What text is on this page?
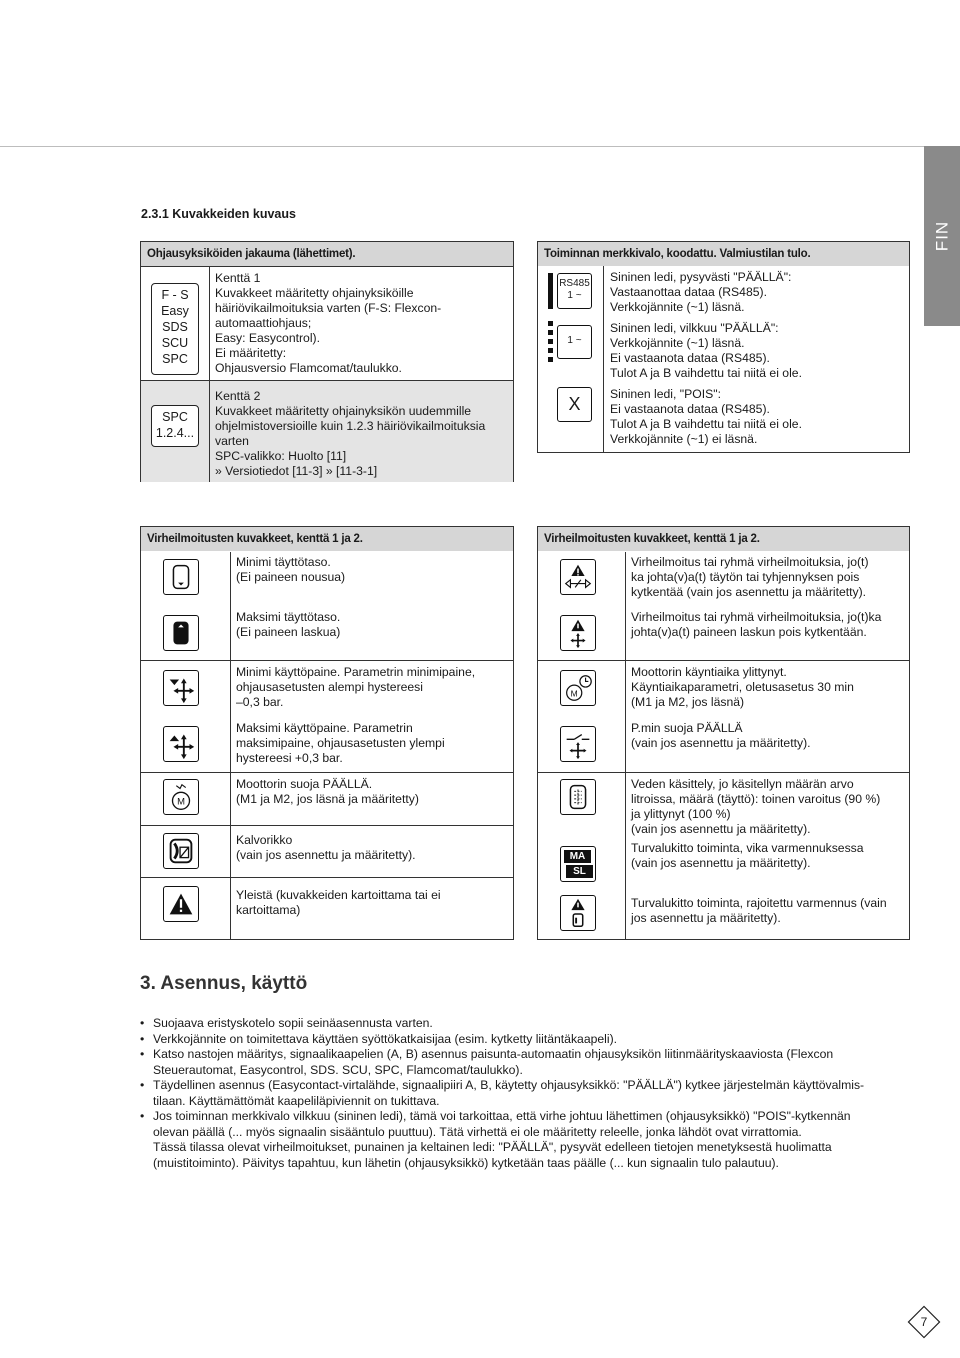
FIN
2.3.1 Kuvakkeiden kuvaus
Ohjausyksiköiden jakauma (lähettimet).
F - S
Easy
SDS
SCU
SPC
Kenttä 1
Kuvakkeet määritetty ohjainyksiköille
häiriövikailmoituksia varten (F-S: Flexcon-
automaattiohjaus;
Easy: Easycontrol).
Ei määritetty:
Ohjausversio Flamcomat/taulukko.
SPC
1.2.4...
Kenttä 2
Kuvakkeet määritetty ohjainyksikön uudemmille
ohjelmistoversioille kuin 1.2.3 häiriövikailmoituksia
varten
SPC-valikko: Huolto [11]
» Versiotiedot [11-3] » [11-3-1]
Toiminnan merkkivalo, koodattu. Valmiustilan tulo.
RS485
1 ~
1 ~
X
Sininen ledi, pysyvästi "PÄÄLLÄ":
Vastaanottaa dataa (RS485).
Verkkojännite (~1) läsnä.
Sininen ledi, vilkkuu "PÄÄLLÄ":
Verkkojännite (~1) läsnä.
Ei vastaanota dataa (RS485).
Tulot A ja B vaihdettu tai niitä ei ole.
Sininen ledi, "POIS":
Ei vastaanota dataa (RS485).
Tulot A ja B vaihdettu tai niitä ei ole.
Verkkojännite (~1) ei läsnä.
Virheilmoitusten kuvakkeet, kenttä 1 ja 2.
M
Minimi täyttötaso.
(Ei paineen nousua)
Maksimi täyttötaso.
(Ei paineen laskua)
Minimi käyttöpaine. Parametrin minimipaine,
ohjausasetusten alempi hystereesi
–0,3 bar.
Maksimi käyttöpaine. Parametrin
maksimipaine, ohjausasetusten ylempi
hystereesi +0,3 bar.
Moottorin suoja PÄÄLLÄ.
(M1 ja M2, jos läsnä ja määritetty)
Kalvorikko
(vain jos asennettu ja määritetty).
Yleistä (kuvakkeiden kartoittama tai ei
kartoittama)
Virheilmoitusten kuvakkeet, kenttä 1 ja 2.
M
MA
SL
Virheilmoitus tai ryhmä virheilmoituksia, jo(t)
ka johta(v)a(t) täytön tai tyhjennyksen pois
kytkentää (vain jos asennettu ja määritetty).
Virheilmoitus tai ryhmä virheilmoituksia, jo(t)ka
johta(v)a(t) paineen laskun pois kytkentään.
Moottorin käyntiaika ylittynyt.
Käyntiaikaparametri, oletusasetus 30 min
(M1 ja M2, jos läsnä)
P.min suoja PÄÄLLÄ
(vain jos asennettu ja määritetty).
Veden käsittely, jo käsitellyn määrän arvo
litroissa, määrä (täyttö): toinen varoitus (90 %)
ja ylittynyt (100 %)
(vain jos asennettu ja määritetty).
Turvalukitto toiminta, vika varmennuksessa
(vain jos asennettu ja määritetty).
Turvalukitto toiminta, rajoitettu varmennus (vain
jos asennettu ja määritetty).
3. Asennus, käyttö
• Suojaava eristyskotelo sopii seinäasennusta varten.
• Verkkojännite on toimitettava käyttäen syöttökatkaisijaa (esim. kytketty liitäntäkaapeli).
• Katso nastojen määritys, signaalikaapelien (A, B) asennus paisunta-automaatin ohjausyksikön liitinmäärityskaaviosta (Flexcon
Steuerautomat, Easycontrol, SDS. SCU, SPC, Flamcomat/taulukko).
• Täydellinen asennus (Easycontact-virtalähde, signaalipiiri A, B, käytetty ohjausyksikkö: "PÄÄLLÄ") kytkee järjestelmän käyttövalmis-
tilaan. Käyttämättömät kaapeliläpiviennit on tukittava.
• Jos toiminnan merkkivalo vilkkuu (sininen ledi), tämä voi tarkoittaa, että virhe johtuu lähettimen (ohjausyksikkö) "POIS"-kytkennän
olevan päällä (... myös signaalin sisääntulo puuttuu). Tätä virhettä ei ole määritetty releelle, jonka lähdöt ovat virrattomia.
Tässä tilassa olevat virheilmoitukset, punainen ja keltainen ledi: "PÄÄLLÄ", pysyvät edelleen tietojen menetyksestä huolimatta
(muistitoiminto). Päivitys tapahtuu, kun lähetin (ohjausyksikkö) kytketään taas päälle (... kun signaalin tulo palautuu).
7
